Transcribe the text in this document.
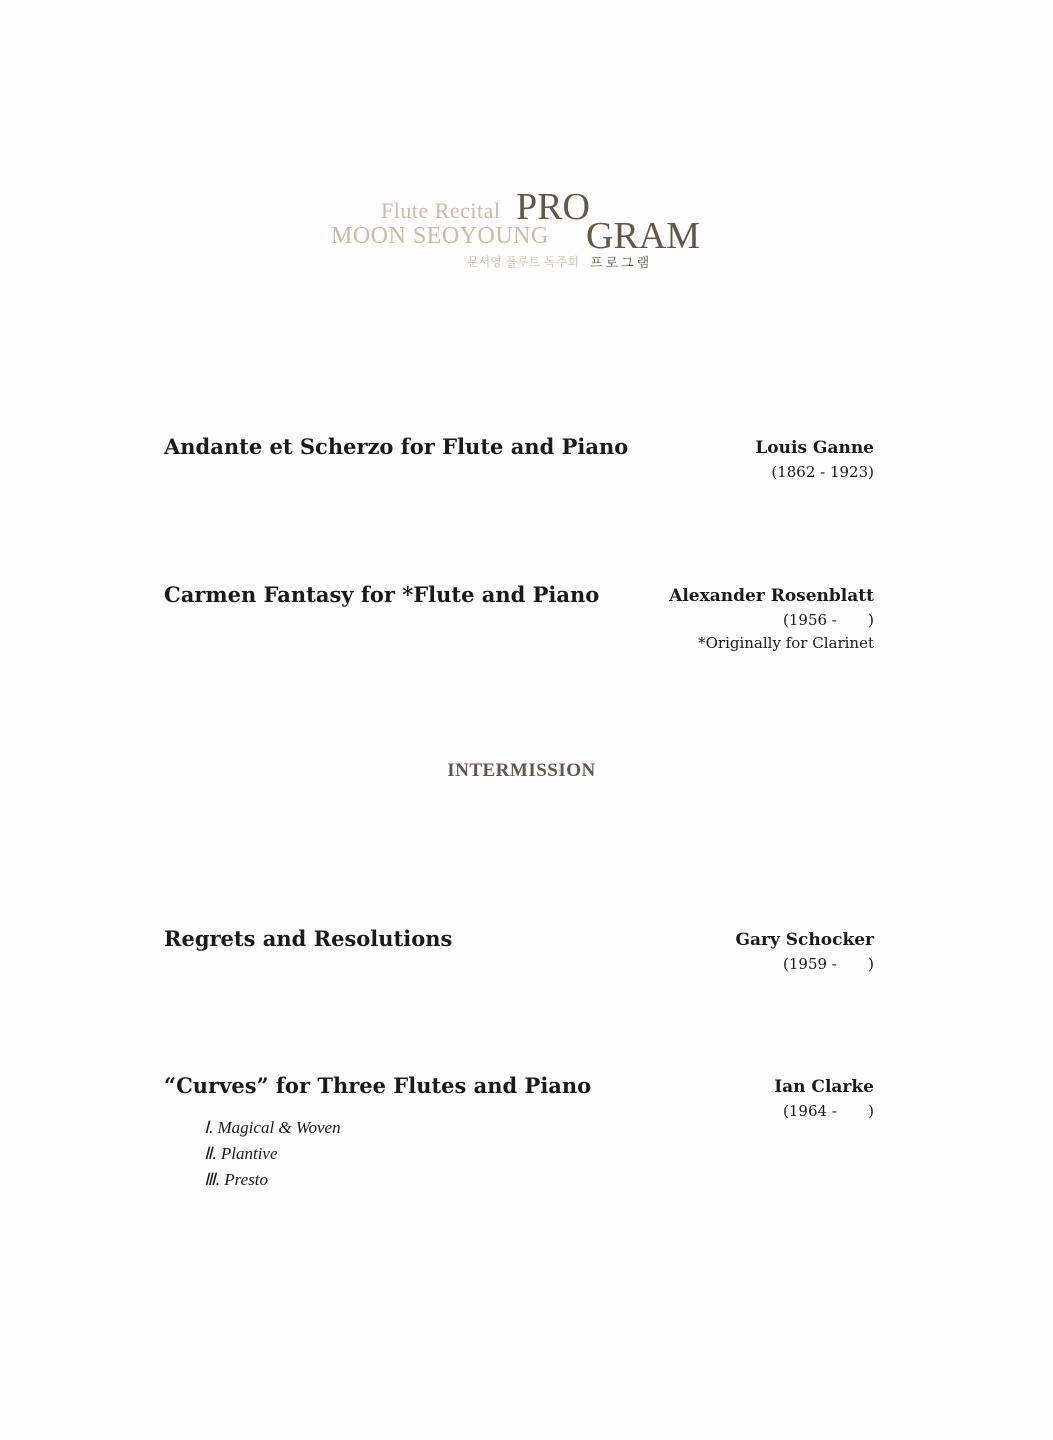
Flute Recital
MOON SEOYOUNG
PRO
GRAM
문서영 플루트 독주회 프로그램
Andante et Scherzo for Flute and Piano	Louis Ganne
(1862 - 1923)
Carmen Fantasy for *Flute and Piano	Alexander Rosenblatt
(1956 - )
*Originally for Clarinet
INTERMISSION
Regrets and Resolutions	Gary Schocker
(1959 - )
“Curves” for Three Flutes and Piano	Ian Clarke
(1964 - )
Ⅰ. Magical & Woven
Ⅱ. Plantive
Ⅲ. Presto
